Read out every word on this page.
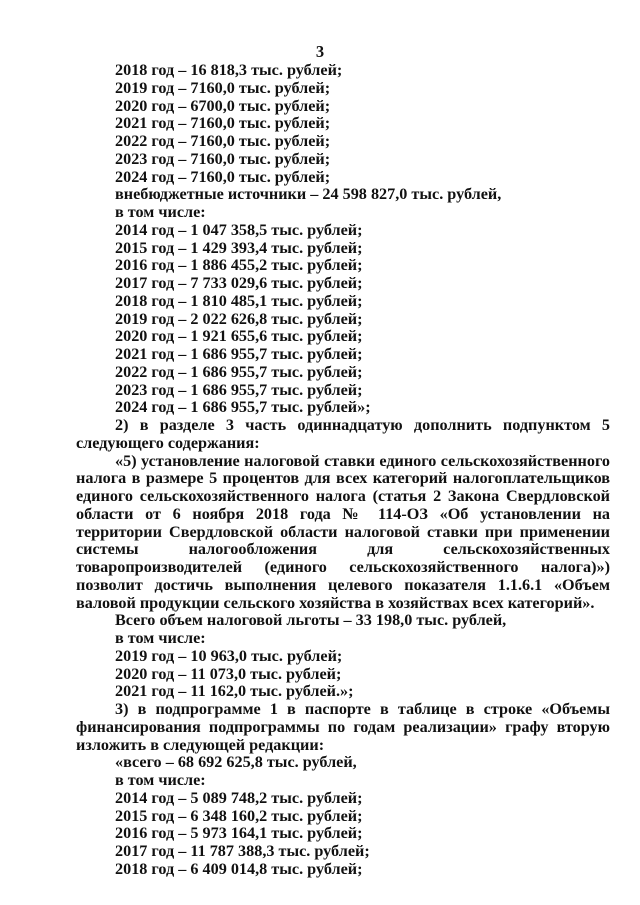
3
2018 год – 16 818,3 тыс. рублей;
2019 год – 7160,0 тыс. рублей;
2020 год – 6700,0 тыс. рублей;
2021 год – 7160,0 тыс. рублей;
2022 год – 7160,0 тыс. рублей;
2023 год – 7160,0 тыс. рублей;
2024 год – 7160,0 тыс. рублей;
внебюджетные источники – 24 598 827,0 тыс. рублей,
в том числе:
2014 год – 1 047 358,5 тыс. рублей;
2015 год – 1 429 393,4 тыс. рублей;
2016 год – 1 886 455,2 тыс. рублей;
2017 год – 7 733 029,6 тыс. рублей;
2018 год – 1 810 485,1 тыс. рублей;
2019 год – 2 022 626,8 тыс. рублей;
2020 год – 1 921 655,6 тыс. рублей;
2021 год – 1 686 955,7 тыс. рублей;
2022 год – 1 686 955,7 тыс. рублей;
2023 год – 1 686 955,7 тыс. рублей;
2024 год – 1 686 955,7 тыс. рублей»;

2) в разделе 3 часть одиннадцатую дополнить подпунктом 5 следующего содержания:

«5) установление налоговой ставки единого сельскохозяйственного налога в размере 5 процентов для всех категорий налогоплательщиков единого сельскохозяйственного налога (статья 2 Закона Свердловской области от 6 ноября 2018 года № 114-ОЗ «Об установлении на территории Свердловской области налоговой ставки при применении системы налогообложения для сельскохозяйственных товаропроизводителей (единого сельскохозяйственного налога)») позволит достичь выполнения целевого показателя 1.1.6.1 «Объем валовой продукции сельского хозяйства в хозяйствах всех категорий».

Всего объем налоговой льготы – 33 198,0 тыс. рублей,
в том числе:
2019 год – 10 963,0 тыс. рублей;
2020 год – 11 073,0 тыс. рублей;
2021 год – 11 162,0 тыс. рублей.»;

3) в подпрограмме 1 в паспорте в таблице в строке «Объемы финансирования подпрограммы по годам реализации» графу вторую изложить в следующей редакции:

«всего – 68 692 625,8 тыс. рублей,
в том числе:
2014 год – 5 089 748,2 тыс. рублей;
2015 год – 6 348 160,2 тыс. рублей;
2016 год – 5 973 164,1 тыс. рублей;
2017 год – 11 787 388,3 тыс. рублей;
2018 год – 6 409 014,8 тыс. рублей;
